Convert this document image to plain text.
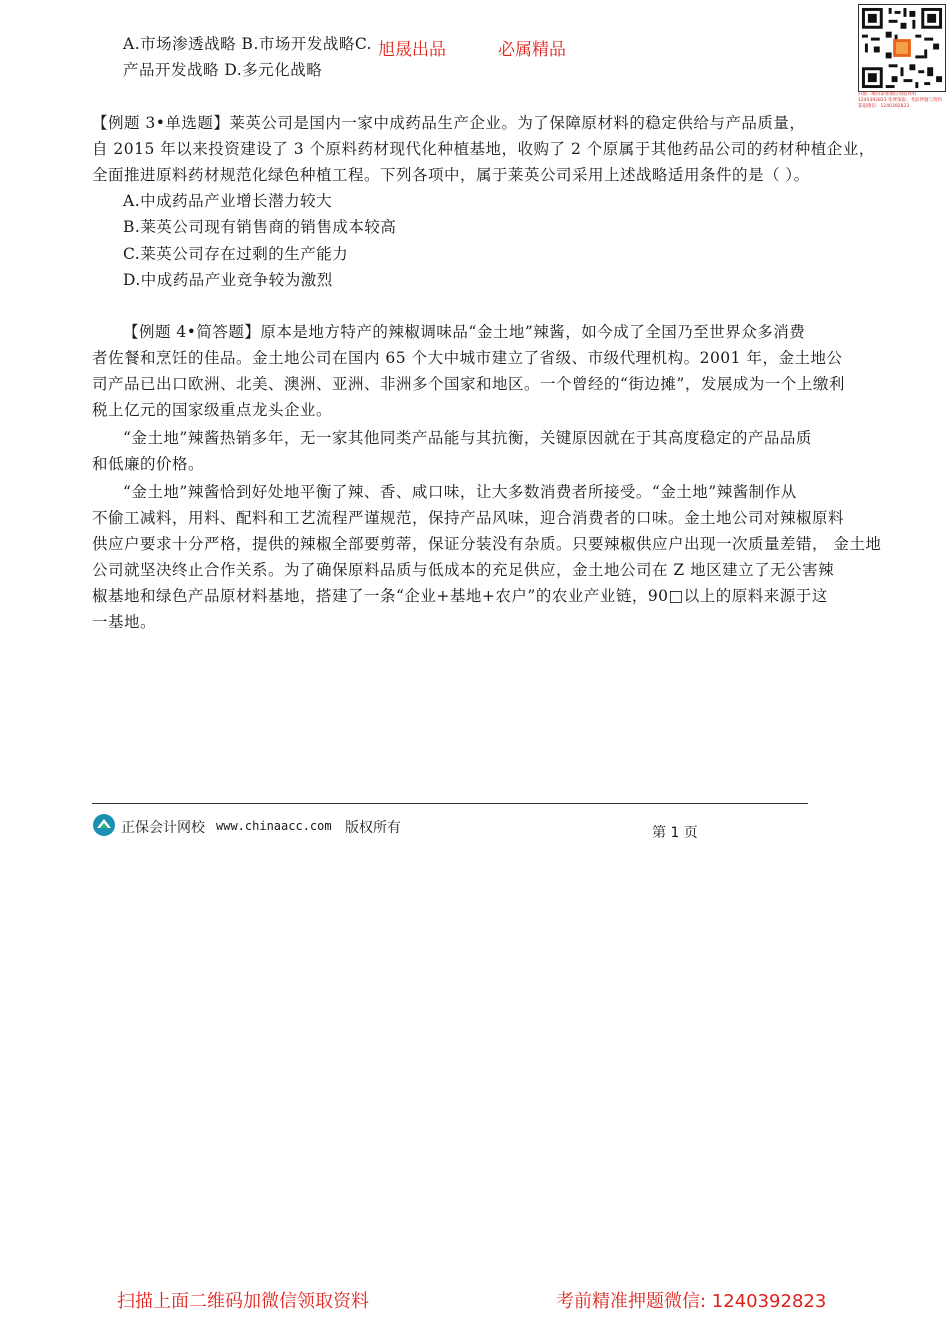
扫描二维码添加微信领取资料 1240392823 免费领取、考前押题与资料获取微信：1240392823
A.市场渗透战略 B.市场开发战略C.
产品开发战略 D.多元化战略
旭晟出品	必属精品
【例题 3•单选题】莱英公司是国内一家中成药品生产企业。为了保障原材料的稳定供给与产品质量，
自 2015 年以来投资建设了 3 个原料药材现代化种植基地，收购了 2 个原属于其他药品公司的药材种植企业，
全面推进原料药材规范化绿色种植工程。下列各项中，属于莱英公司采用上述战略适用条件的是（ ）。
A.中成药品产业增长潜力较大
B.莱英公司现有销售商的销售成本较高
C.莱英公司存在过剩的生产能力
D.中成药品产业竞争较为激烈
【例题 4•简答题】原本是地方特产的辣椒调味品“金土地”辣酱，如今成了全国乃至世界众多消费
者佐餐和烹饪的佳品。金土地公司在国内 65 个大中城市建立了省级、市级代理机构。2001 年，金土地公
司产品已出口欧洲、北美、澳洲、亚洲、非洲多个国家和地区。一个曾经的“街边摊”，发展成为一个上缴利
税上亿元的国家级重点龙头企业。
“金土地”辣酱热销多年，无一家其他同类产品能与其抗衡，关键原因就在于其高度稳定的产品品质
和低廉的价格。
“金土地”辣酱恰到好处地平衡了辣、香、咸口味，让大多数消费者所接受。“金土地”辣酱制作从
不偷工减料，用料、配料和工艺流程严谨规范，保持产品风味，迎合消费者的口味。金土地公司对辣椒原料
供应户要求十分严格，提供的辣椒全部要剪蒂，保证分装没有杂质。只要辣椒供应户出现一次质量差错， 金土地
公司就坚决终止合作关系。为了确保原料品质与低成本的充足供应，金土地公司在 Z 地区建立了无公害辣
椒基地和绿色产品原材料基地，搭建了一条“企业+基地+农户”的农业产业链，90□以上的原料来源于这
一基地。
正保会计网校 www.chinaacc.com 版权所有	第 1 页
扫描上面二维码加微信领取资料	考前精准押题微信: 1240392823
